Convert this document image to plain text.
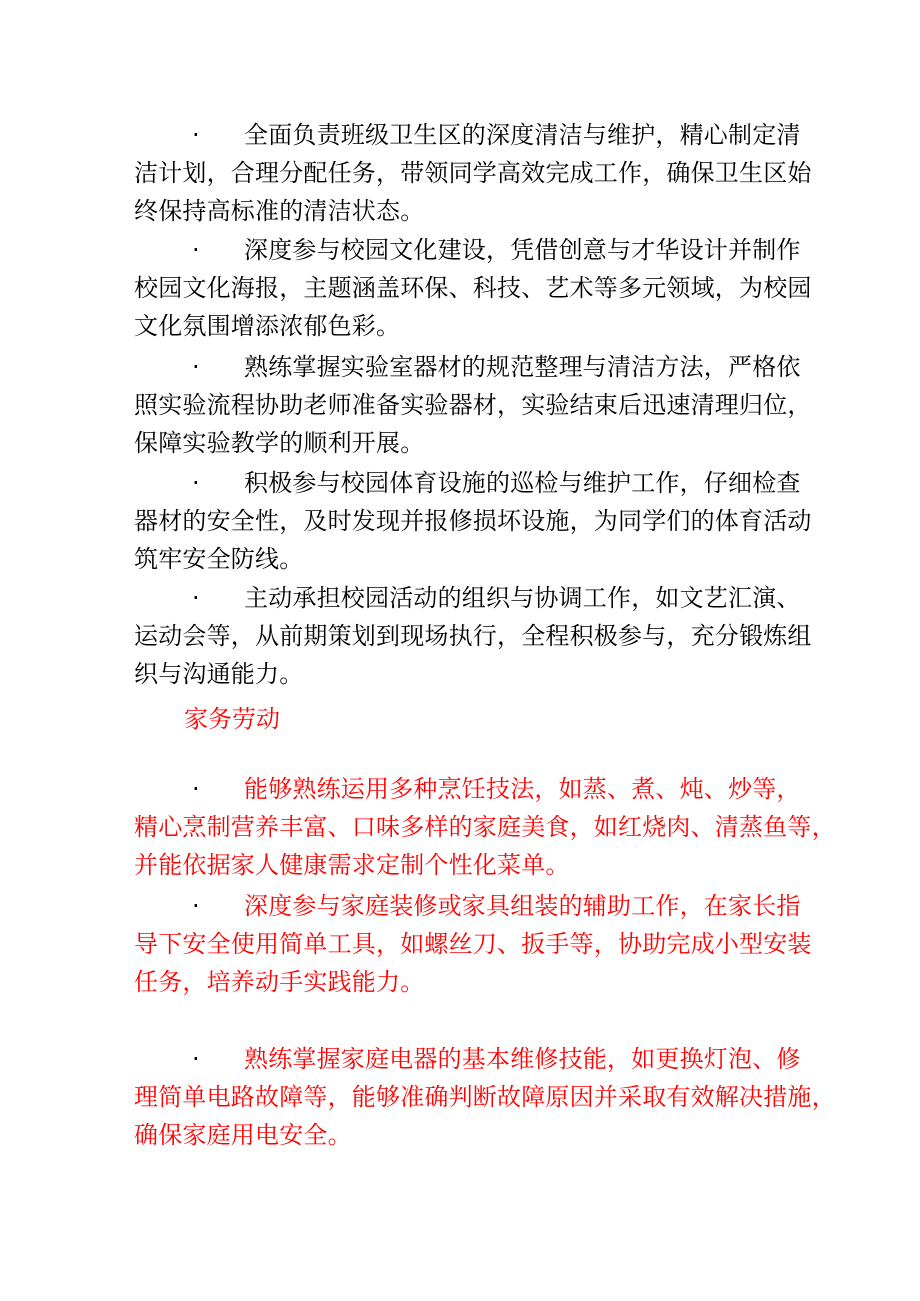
· 全面负责班级卫生区的深度清洁与维护，精心制定清
洁计划，合理分配任务，带领同学高效完成工作，确保卫生区始
终保持高标准的清洁状态。
· 深度参与校园文化建设，凭借创意与才华设计并制作
校园文化海报，主题涵盖环保、科技、艺术等多元领域，为校园
文化氛围增添浓郁色彩。
· 熟练掌握实验室器材的规范整理与清洁方法，严格依
照实验流程协助老师准备实验器材，实验结束后迅速清理归位，
保障实验教学的顺利开展。
· 积极参与校园体育设施的巡检与维护工作，仔细检查
器材的安全性，及时发现并报修损坏设施，为同学们的体育活动
筑牢安全防线。
· 主动承担校园活动的组织与协调工作，如文艺汇演、
运动会等，从前期策划到现场执行，全程积极参与，充分锻炼组
织与沟通能力。
家务劳动
· 能够熟练运用多种烹饪技法，如蒸、煮、炖、炒等，
精心烹制营养丰富、口味多样的家庭美食，如红烧肉、清蒸鱼等，
并能依据家人健康需求定制个性化菜单。
· 深度参与家庭装修或家具组装的辅助工作，在家长指
导下安全使用简单工具，如螺丝刀、扳手等，协助完成小型安装
任务，培养动手实践能力。
· 熟练掌握家庭电器的基本维修技能，如更换灯泡、修
理简单电路故障等，能够准确判断故障原因并采取有效解决措施，
确保家庭用电安全。
